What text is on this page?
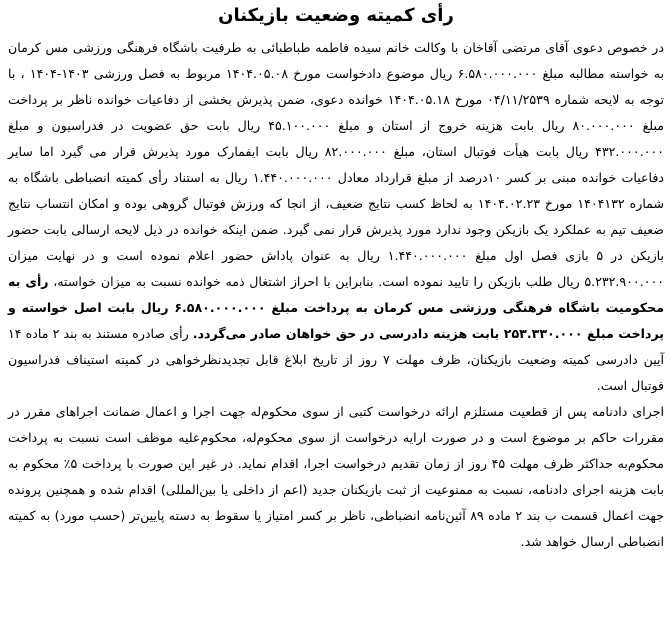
رأی کمیته وضعیت بازیکنان

در خصوص دعوی آقای مرتضی آقاخان با وکالت خانم سیده فاطمه طباطبائی به طرفیت باشگاه فرهنگی ورزشی مس کرمان به خواسته مطالبه مبلغ ۶.۵۸۰.۰۰۰.۰۰۰ ریال موضوع دادخواست مورخ ۱۴۰۴.۰۵.۰۸ مربوط به فصل ورزشی ۱۴۰۳-۱۴۰۴ ، با توجه به لایحه شماره ۰۴/۱۱/۲۵۳۹ مورخ ۱۴۰۴.۰۵.۱۸ خوانده دعوی، ضمن پذیرش بخشی از دفاعیات خوانده ناظر بر پرداخت مبلغ ۸۰.۰۰۰.۰۰۰ ریال بابت هزینه خروج از استان و مبلغ ۴۵.۱۰۰.۰۰۰ ریال بابت حق عضویت در فدراسیون و مبلغ ۴۳۲.۰۰۰.۰۰۰ ریال بابت هیأت فوتبال استان، مبلغ ۸۲.۰۰۰.۰۰۰ ریال بابت ایفمارک مورد پذیرش قرار می گیرد اما سایر دفاعیات خوانده مبنی بر کسر ۱۰درصد از مبلغ قرارداد معادل ۱.۴۴۰.۰۰۰.۰۰۰ ریال به استناد رأی کمیته انضباطی باشگاه به شماره ۱۴۰۴۱۳۲ مورخ ۱۴۰۴.۰۲.۲۳ به لحاظ کسب نتایج ضعیف، از انجا که ورزش فوتبال گروهی بوده و امکان انتساب نتایج ضعیف تیم به عملکرد یک بازیکن وجود ندارد مورد پذیرش قرار نمی گیرد. ضمن اینکه خوانده در ذیل لایحه ارسالی بابت حضور بازیکن در ۵ بازی فصل اول مبلغ ۱.۴۴۰.۰۰۰.۰۰۰ ریال به عنوان پاداش حضور اعلام نموده است و در نهایت میزان ۵.۲۳۲.۹۰۰.۰۰۰ ریال طلب بازیکن را تایید نموده است. بنابراین با احراز اشتغال ذمه خوانده نسبت به میزان خواسته، رأی به محکومیت باشگاه فرهنگی ورزشی مس کرمان به پرداخت مبلغ ۶.۵۸۰.۰۰۰.۰۰۰ ریال بابت اصل خواسته و پرداخت مبلغ ۲۵۳.۳۳۰.۰۰۰ بابت هزینه دادرسی در حق خواهان صادر می‌گردد. رأی صادره مستند به بند ۲ ماده ۱۴ آیین دادرسی کمیته وضعیت بازیکنان، ظرف مهلت ۷ روز از تاریخ ابلاغ قابل تجدیدنظرخواهی در کمیته استیناف فدراسیون فوتبال است.

اجرای دادنامه پس از قطعیت مستلزم ارائه درخواست کتبی از سوی محکوم‌له جهت اجرا و اعمال ضمانت اجراهای مقرر در مقررات حاکم بر موضوع است و در صورت ارایه درخواست از سوی محکوم‌له، محکوم‌علیه موظف است نسبت به پرداخت محکوم‌به حداکثر ظرف مهلت ۴۵ روز از زمان تقدیم درخواست اجرا، اقدام نماید. در غیر این صورت با پرداخت ۵٪ محکوم به بابت هزینه اجرای دادنامه، نسبت به ممنوعیت از ثبت بازیکنان جدید (اعم از داخلی یا بین‌المللی) اقدام شده و همچنین پرونده جهت اعمال قسمت ب بند ۲ ماده ۸۹ آئین‌نامه انضباطی، ناظر بر کسر امتیاز یا سقوط به دسته پایین‌تر (حسب مورد) به کمیته انضباطی ارسال خواهد شد.
